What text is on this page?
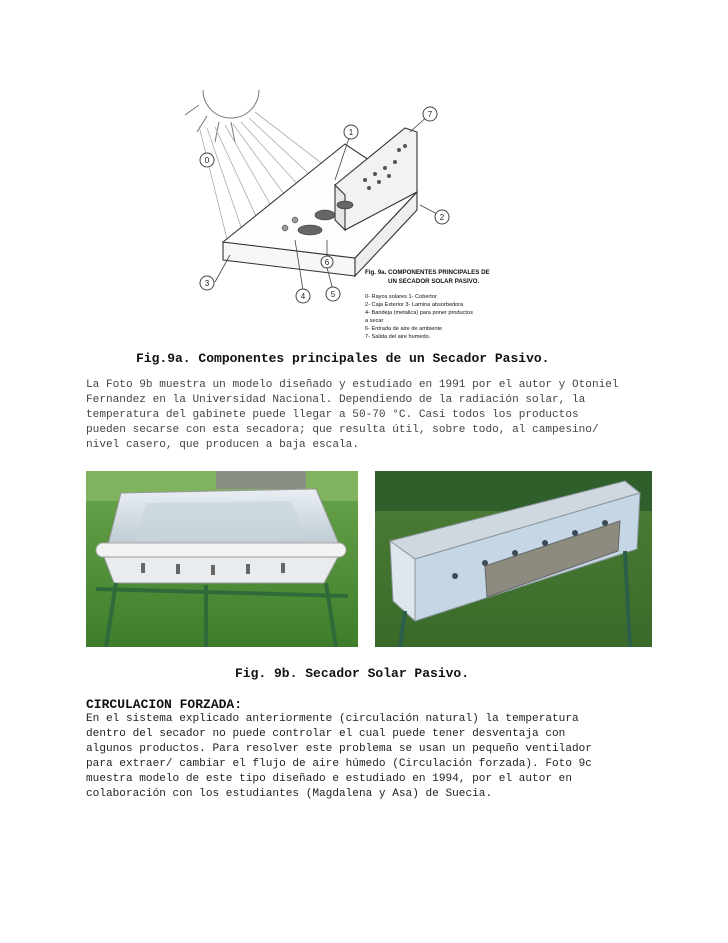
0
7
1
2
3
4	5
6
Fig. 9a. COMPONENTES PRINCIPALES DE
UN SECADOR SOLAR PASIVO.
0- Rayos solares 1- Cobertor
2- Caja Exterior 3- Lamina absorbedora
4- Bandeja (metalica) para poner productos
a secar
6- Entrada de aire de ambiente
7- Salida del aire humedo.
Fig.9a. Componentes principales de un Secador Pasivo.
La Foto 9b muestra un modelo diseñado y estudiado en 1991 por el autor y Otoniel
Fernandez en la Universidad Nacional. Dependiendo de la radiación solar, la
temperatura del gabinete puede llegar a 50-70 °C. Casi todos los productos
pueden secarse con esta secadora; que resulta útil, sobre todo, al campesino/
nivel casero, que producen a baja escala.
Fig. 9b. Secador Solar Pasivo.
CIRCULACION FORZADA:
En el sistema explicado anteriormente (circulación natural) la temperatura
dentro del secador no puede controlar el cual puede tener desventaja con
algunos productos. Para resolver este problema se usan un pequeño ventilador
para extraer/ cambiar el flujo de aire húmedo (Circulación forzada). Foto 9c
muestra modelo de este tipo diseñado e estudiado en 1994, por el autor en
colaboración con los estudiantes (Magdalena y Asa) de Suecia.
